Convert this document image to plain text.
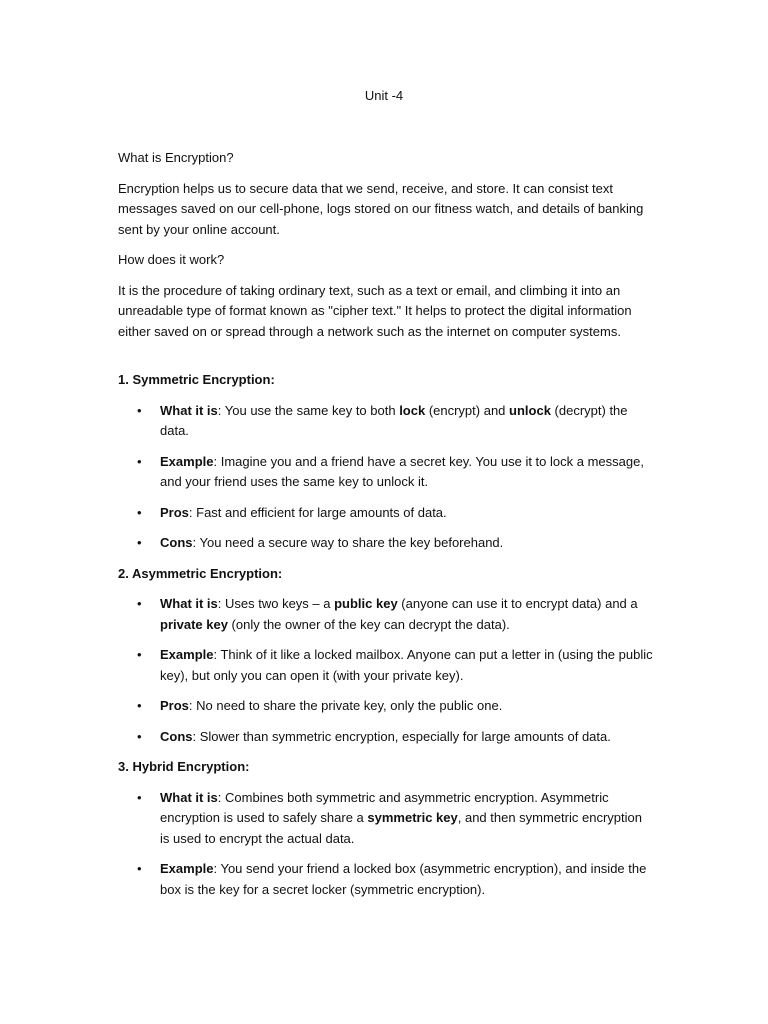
Unit -4

What is Encryption?

Encryption helps us to secure data that we send, receive, and store. It can consist text messages saved on our cell-phone, logs stored on our fitness watch, and details of banking sent by your online account.

How does it work?

It is the procedure of taking ordinary text, such as a text or email, and climbing it into an unreadable type of format known as "cipher text." It helps to protect the digital information either saved on or spread through a network such as the internet on computer systems.

1. Symmetric Encryption:
• What it is: You use the same key to both lock (encrypt) and unlock (decrypt) the data.
• Example: Imagine you and a friend have a secret key. You use it to lock a message, and your friend uses the same key to unlock it.
• Pros: Fast and efficient for large amounts of data.
• Cons: You need a secure way to share the key beforehand.
2. Asymmetric Encryption:
• What it is: Uses two keys – a public key (anyone can use it to encrypt data) and a private key (only the owner of the key can decrypt the data).
• Example: Think of it like a locked mailbox. Anyone can put a letter in (using the public key), but only you can open it (with your private key).
• Pros: No need to share the private key, only the public one.
• Cons: Slower than symmetric encryption, especially for large amounts of data.
3. Hybrid Encryption:
• What it is: Combines both symmetric and asymmetric encryption. Asymmetric encryption is used to safely share a symmetric key, and then symmetric encryption is used to encrypt the actual data.
• Example: You send your friend a locked box (asymmetric encryption), and inside the box is the key for a secret locker (symmetric encryption).
